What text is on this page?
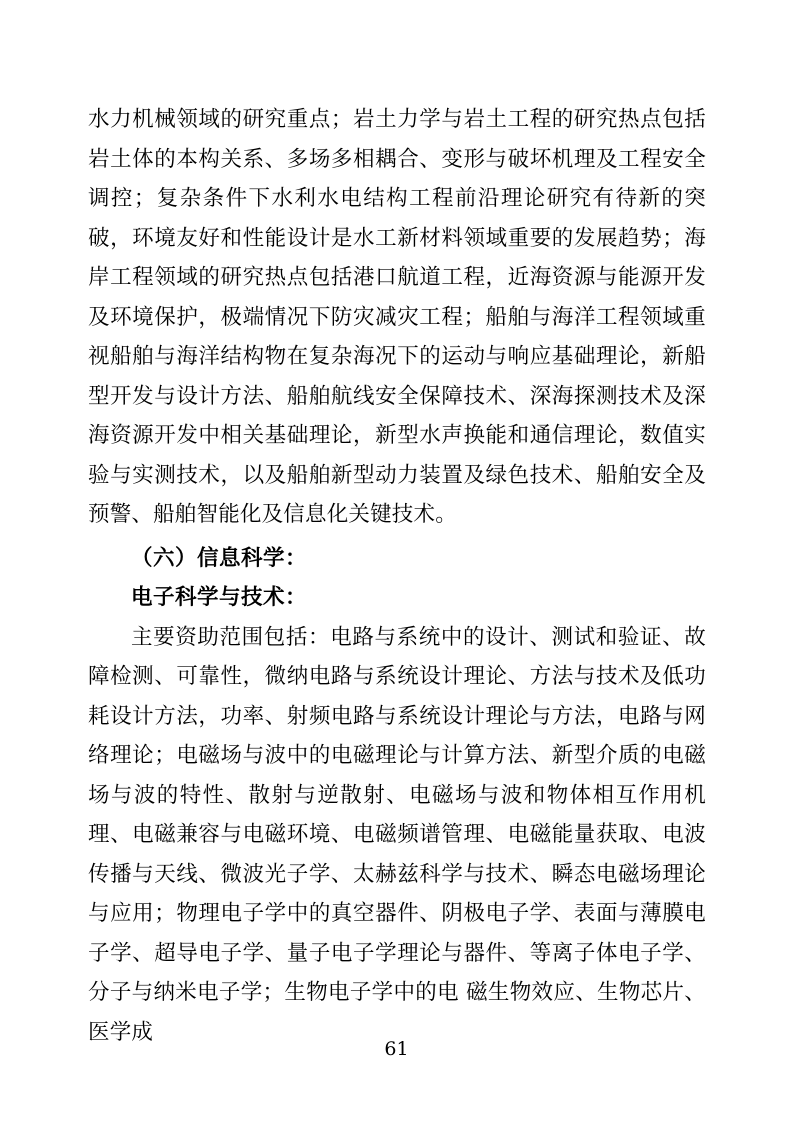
水力机械领域的研究重点；岩土力学与岩土工程的研究热点包括岩土体的本构关系、多场多相耦合、变形与破坏机理及工程安全调控；复杂条件下水利水电结构工程前沿理论研究有待新的突破，环境友好和性能设计是水工新材料领域重要的发展趋势；海岸工程领域的研究热点包括港口航道工程，近海资源与能源开发及环境保护，极端情况下防灾减灾工程；船舶与海洋工程领域重视船舶与海洋结构物在复杂海况下的运动与响应基础理论，新船型开发与设计方法、船舶航线安全保障技术、深海探测技术及深海资源开发中相关基础理论，新型水声换能和通信理论，数值实验与实测技术，以及船舶新型动力装置及绿色技术、船舶安全及预警、船舶智能化及信息化关键技术。

（六）信息科学：

电子科学与技术：

主要资助范围包括：电路与系统中的设计、测试和验证、故障检测、可靠性，微纳电路与系统设计理论、方法与技术及低功耗设计方法，功率、射频电路与系统设计理论与方法，电路与网络理论；电磁场与波中的电磁理论与计算方法、新型介质的电磁场与波的特性、散射与逆散射、电磁场与波和物体相互作用机理、电磁兼容与电磁环境、电磁频谱管理、电磁能量获取、电波传播与天线、微波光子学、太赫兹科学与技术、瞬态电磁场理论与应用；物理电子学中的真空器件、阴极电子学、表面与薄膜电子学、超导电子学、量子电子学理论与器件、等离子体电子学、分子与纳米电子学；生物电子学中的电 磁生物效应、生物芯片、医学成

61
